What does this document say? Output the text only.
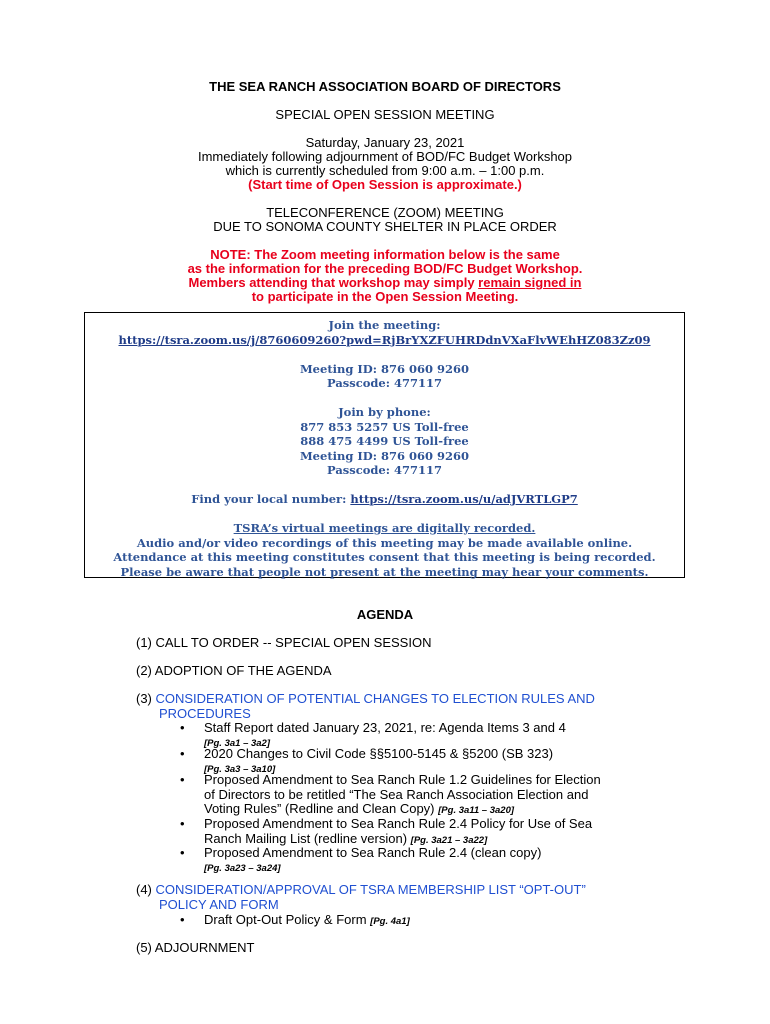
THE SEA RANCH ASSOCIATION BOARD OF DIRECTORS
SPECIAL OPEN SESSION MEETING
Saturday, January 23, 2021
Immediately following adjournment of BOD/FC Budget Workshop
which is currently scheduled from 9:00 a.m. – 1:00 p.m.
(Start time of Open Session is approximate.)
TELECONFERENCE (ZOOM) MEETING
DUE TO SONOMA COUNTY SHELTER IN PLACE ORDER
NOTE: The Zoom meeting information below is the same
as the information for the preceding BOD/FC Budget Workshop.
Members attending that workshop may simply remain signed in
to participate in the Open Session Meeting.
Join the meeting:
https://tsra.zoom.us/j/8760609260?pwd=RjBrYXZFUHRDdnVXaFlvWEhHZ083Zz09
Meeting ID: 876 060 9260
Passcode: 477117
Join by phone:
877 853 5257 US Toll-free
888 475 4499 US Toll-free
Meeting ID: 876 060 9260
Passcode: 477117
Find your local number: https://tsra.zoom.us/u/adJVRTLGP7
TSRA’s virtual meetings are digitally recorded.
Audio and/or video recordings of this meeting may be made available online.
Attendance at this meeting constitutes consent that this meeting is being recorded.
Please be aware that people not present at the meeting may hear your comments.
AGENDA
(1) CALL TO ORDER -- SPECIAL OPEN SESSION
(2) ADOPTION OF THE AGENDA
(3) CONSIDERATION OF POTENTIAL CHANGES TO ELECTION RULES AND
PROCEDURES
• Staff Report dated January 23, 2021, re: Agenda Items 3 and 4
[Pg. 3a1 – 3a2]
• 2020 Changes to Civil Code §§5100-5145 & §5200 (SB 323)
[Pg. 3a3 – 3a10]
• Proposed Amendment to Sea Ranch Rule 1.2 Guidelines for Election
of Directors to be retitled “The Sea Ranch Association Election and
Voting Rules” (Redline and Clean Copy) [Pg. 3a11 – 3a20]
• Proposed Amendment to Sea Ranch Rule 2.4 Policy for Use of Sea
Ranch Mailing List (redline version) [Pg. 3a21 – 3a22]
• Proposed Amendment to Sea Ranch Rule 2.4 (clean copy)
[Pg. 3a23 – 3a24]
(4) CONSIDERATION/APPROVAL OF TSRA MEMBERSHIP LIST “OPT-OUT”
POLICY AND FORM
• Draft Opt-Out Policy & Form [Pg. 4a1]
(5) ADJOURNMENT
